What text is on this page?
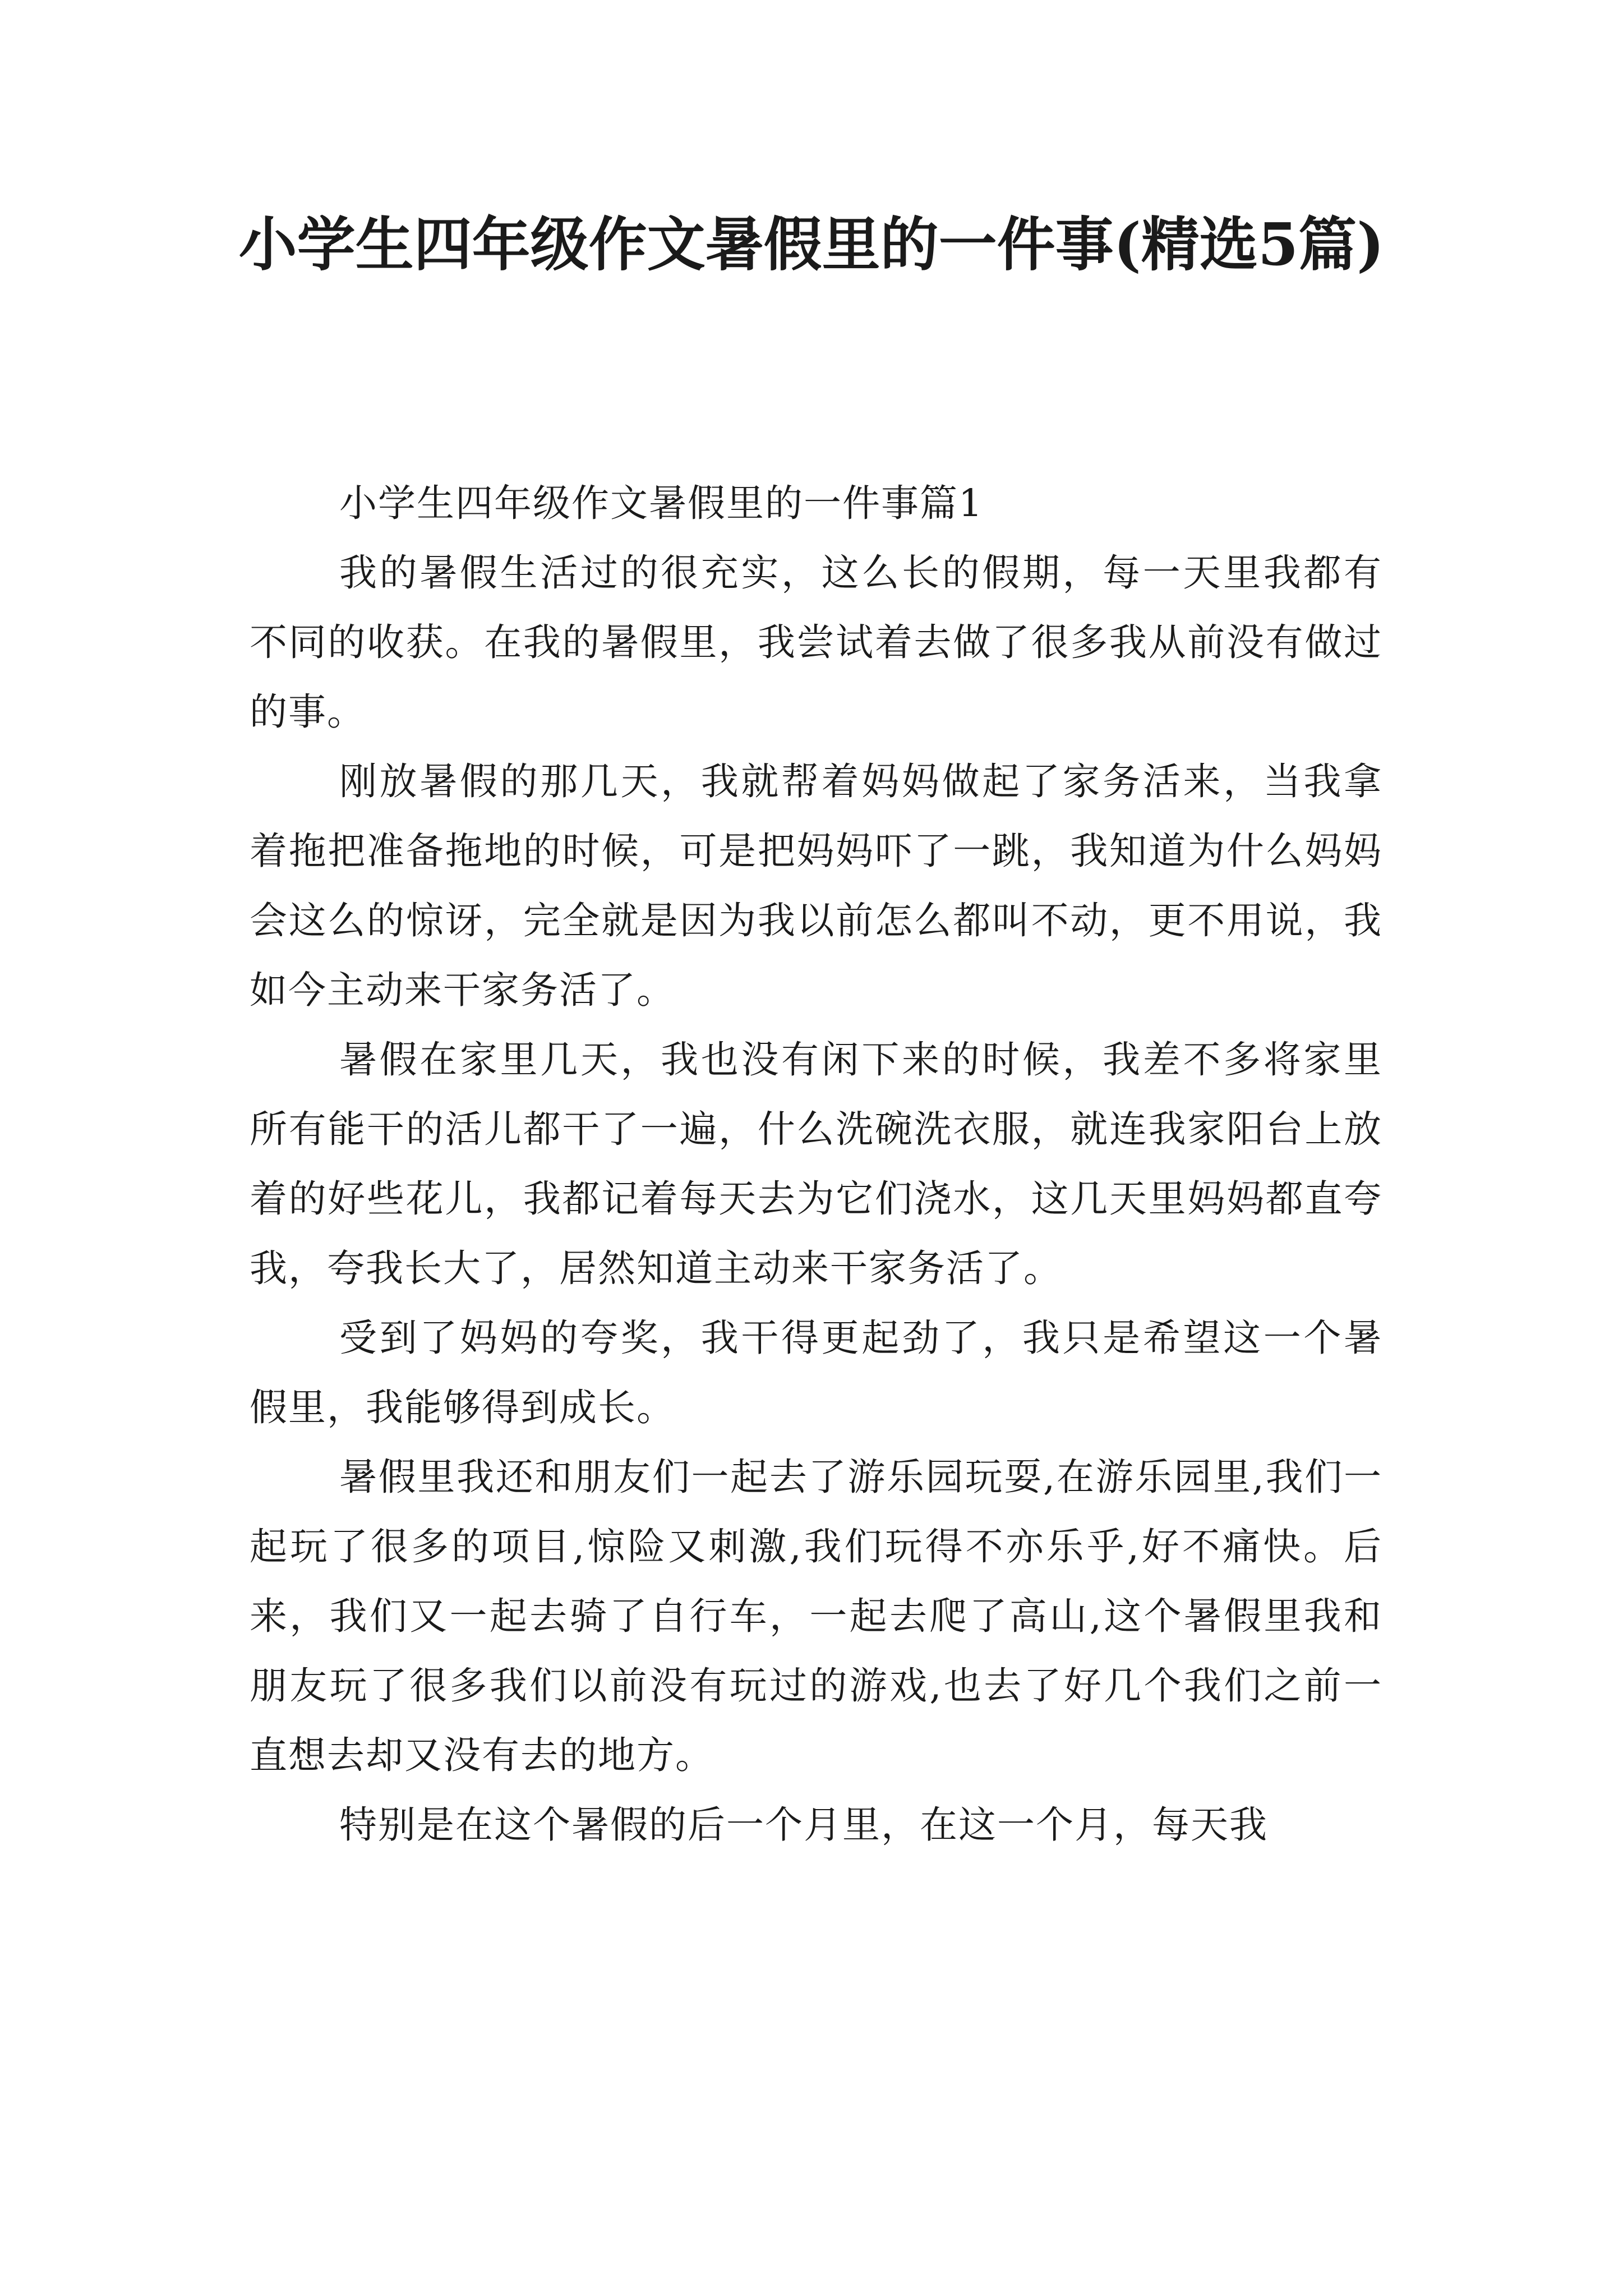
小学生四年级作文暑假里的一件事(精选5篇)

小学生四年级作文暑假里的一件事篇1

我的暑假生活过的很充实，这么长的假期，每一天里我都有不同的收获。在我的暑假里，我尝试着去做了很多我从前没有做过的事。

刚放暑假的那几天，我就帮着妈妈做起了家务活来，当我拿着拖把准备拖地的时候，可是把妈妈吓了一跳，我知道为什么妈妈会这么的惊讶，完全就是因为我以前怎么都叫不动，更不用说，我如今主动来干家务活了。

暑假在家里几天，我也没有闲下来的时候，我差不多将家里所有能干的活儿都干了一遍，什么洗碗洗衣服，就连我家阳台上放着的好些花儿，我都记着每天去为它们浇水，这几天里妈妈都直夸我，夸我长大了，居然知道主动来干家务活了。

受到了妈妈的夸奖，我干得更起劲了，我只是希望这一个暑假里，我能够得到成长。

暑假里我还和朋友们一起去了游乐园玩耍,在游乐园里,我们一起玩了很多的项目,惊险又刺激,我们玩得不亦乐乎,好不痛快。后来，我们又一起去骑了自行车，一起去爬了高山,这个暑假里我和朋友玩了很多我们以前没有玩过的游戏,也去了好几个我们之前一直想去却又没有去的地方。

特别是在这个暑假的后一个月里，在这一个月，每天我
